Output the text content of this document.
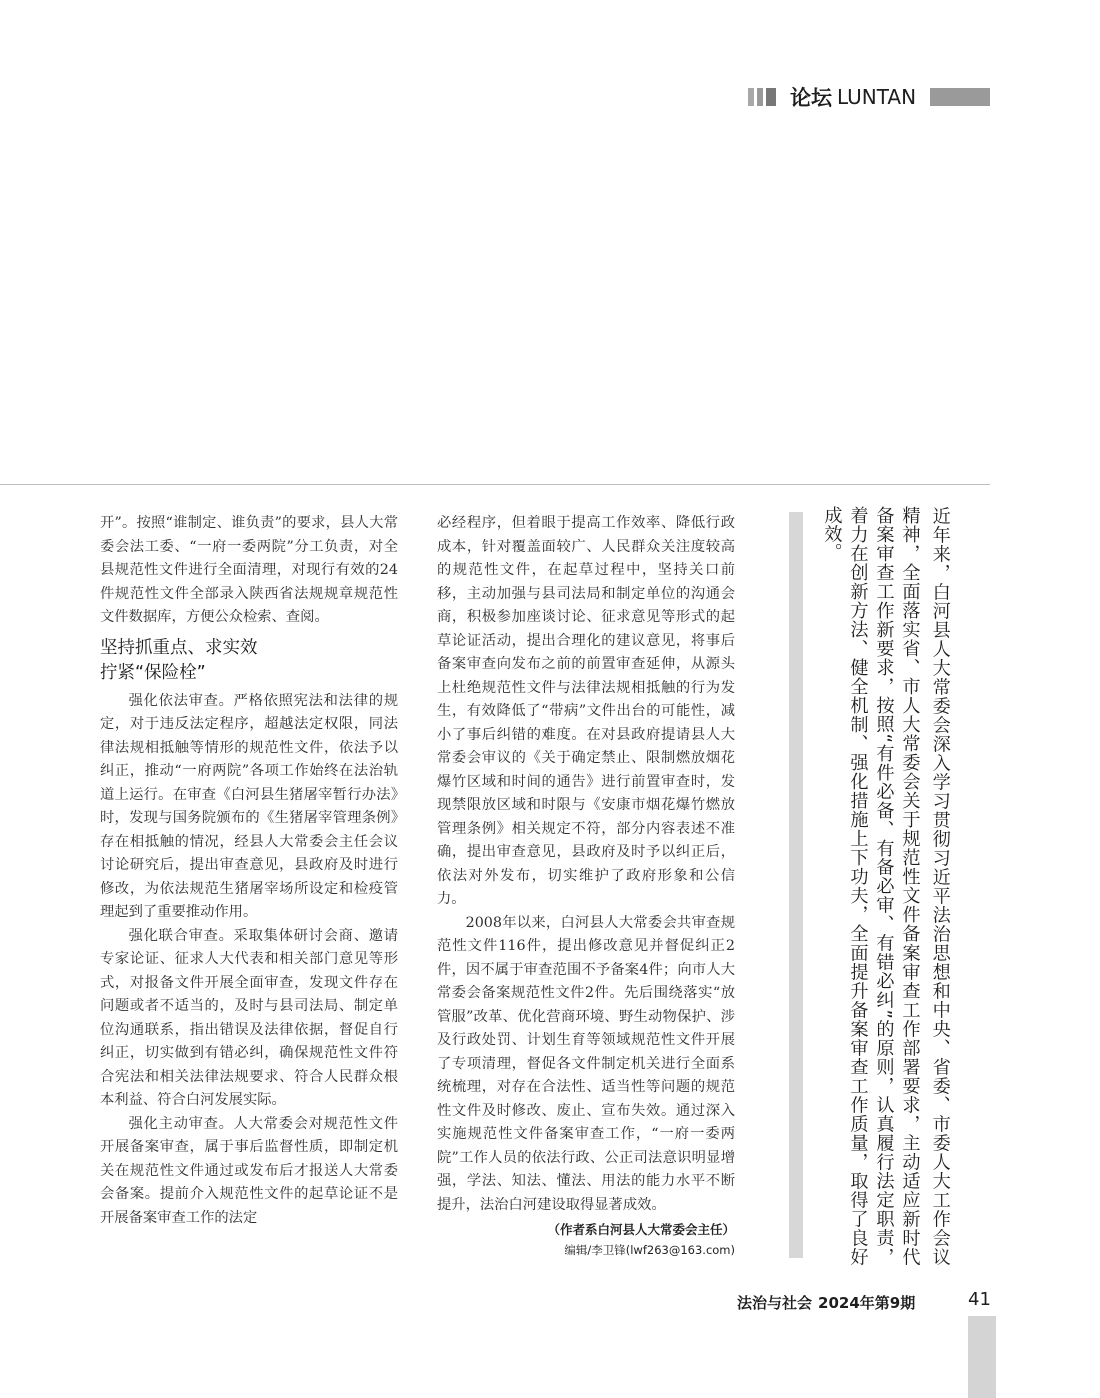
论坛 LUNTAN

开”。按照“谁制定、谁负责”的要求，县人大常委会法工委、“一府一委两院”分工负责，对全县规范性文件进行全面清理，对现行有效的24件规范性文件全部录入陕西省法规规章规范性文件数据库，方便公众检索、查阅。

坚持抓重点、求实效
拧紧“保险栓”

强化依法审查。严格依照宪法和法律的规定，对于违反法定程序，超越法定权限，同法律法规相抵触等情形的规范性文件，依法予以纠正，推动“一府两院”各项工作始终在法治轨道上运行。在审查《白河县生猪屠宰暂行办法》时，发现与国务院颁布的《生猪屠宰管理条例》存在相抵触的情况，经县人大常委会主任会议讨论研究后，提出审查意见，县政府及时进行修改，为依法规范生猪屠宰场所设定和检疫管理起到了重要推动作用。

强化联合审查。采取集体研讨会商、邀请专家论证、征求人大代表和相关部门意见等形式，对报备文件开展全面审查，发现文件存在问题或者不适当的，及时与县司法局、制定单位沟通联系，指出错误及法律依据，督促自行纠正，切实做到有错必纠，确保规范性文件符合宪法和相关法律法规要求、符合人民群众根本利益、符合白河发展实际。

强化主动审查。人大常委会对规范性文件开展备案审查，属于事后监督性质，即制定机关在规范性文件通过或发布后才报送人大常委会备案。提前介入规范性文件的起草论证不是开展备案审查工作的法定

必经程序，但着眼于提高工作效率、降低行政成本，针对覆盖面较广、人民群众关注度较高的规范性文件，在起草过程中，坚持关口前移，主动加强与县司法局和制定单位的沟通会商，积极参加座谈讨论、征求意见等形式的起草论证活动，提出合理化的建议意见，将事后备案审查向发布之前的前置审查延伸，从源头上杜绝规范性文件与法律法规相抵触的行为发生，有效降低了“带病”文件出台的可能性，减小了事后纠错的难度。在对县政府提请县人大常委会审议的《关于确定禁止、限制燃放烟花爆竹区域和时间的通告》进行前置审查时，发现禁限放区域和时限与《安康市烟花爆竹燃放管理条例》相关规定不符，部分内容表述不准确，提出审查意见，县政府及时予以纠正后，依法对外发布，切实维护了政府形象和公信力。

2008年以来，白河县人大常委会共审查规范性文件116件，提出修改意见并督促纠正2件，因不属于审查范围不予备案4件；向市人大常委会备案规范性文件2件。先后围绕落实“放管服”改革、优化营商环境、野生动物保护、涉及行政处罚、计划生育等领域规范性文件开展了专项清理，督促各文件制定机关进行全面系统梳理，对存在合法性、适当性等问题的规范性文件及时修改、废止、宣布失效。通过深入实施规范性文件备案审查工作，“一府一委两院”工作人员的依法行政、公正司法意识明显增强，学法、知法、懂法、用法的能力水平不断提升，法治白河建设取得显著成效。

（作者系白河县人大常委会主任）
编辑/李卫锋(lwf263@163.com)	近年来，白河县人大常委会深入学习贯彻习近平法治思想和中央、省委、市委人大工作会议精神，全面落实省、市人大常委会关于规范性文件备案审查工作部署要求，主动适应新时代备案审查工作新要求，按照“有件必备、有备必审、有错必纠”的原则，认真履行法定职责，着力在创新方法、健全机制、强化措施上下功夫，全面提升备案审查工作质量，取得了良好成效。
法治与社会 2024年第9期	41
